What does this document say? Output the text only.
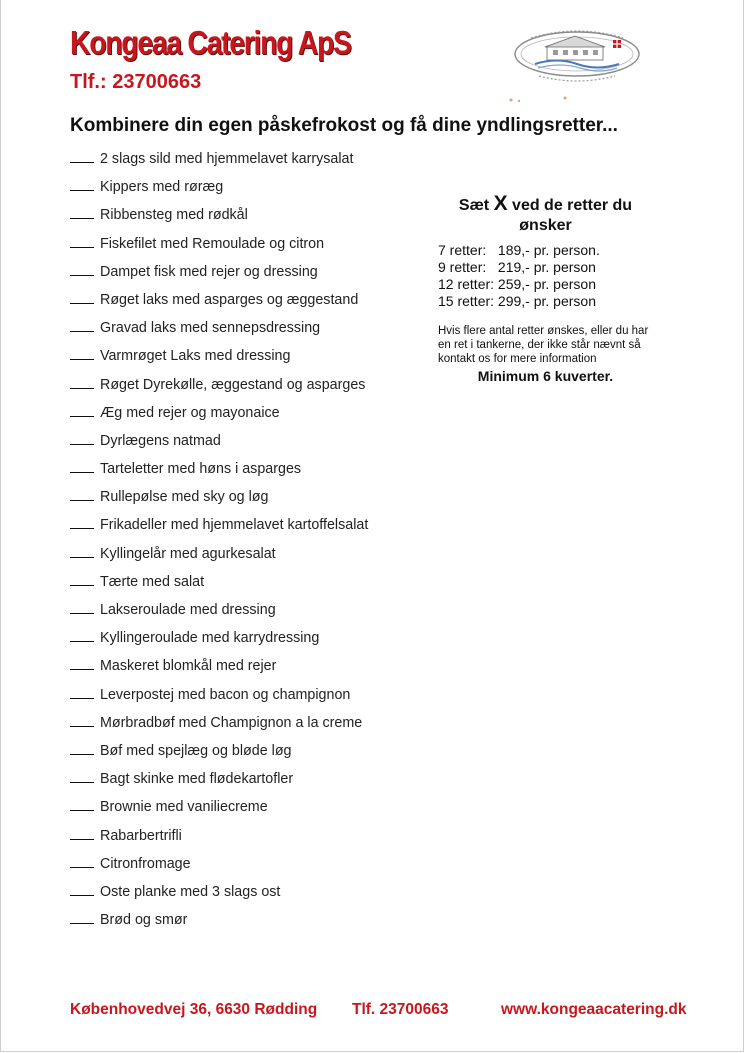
Kongeaa Catering ApS

Tlf.: 23700663

Kombinere din egen påskefrokost og få dine yndlingsretter...
2 slags sild med hjemmelavet karrysalat
Kippers med røræg
Ribbensteg med rødkål
Fiskefilet med Remoulade og citron
Dampet fisk med rejer og dressing
Røget laks med asparges og æggestand
Gravad laks med sennepsdressing
Varmrøget Laks med dressing
Røget Dyrekølle, æggestand og asparges
Æg med rejer og mayonaice
Dyrlægens natmad
Tarteletter med høns i asparges
Rullepølse med sky og løg
Frikadeller med hjemmelavet kartoffelsalat
Kyllingelår med agurkesalat
Tærte med salat
Lakseroulade med dressing
Kyllingeroulade med karrydressing
Maskeret blomkål med rejer
Leverpostej med bacon og champignon
Mørbradbøf med Champignon a la creme
Bøf med spejlæg og bløde løg
Bagt skinke med flødekartofler
Brownie med vaniliecreme
Rabarbertrifli
Citronfromage
Oste planke med 3 slags ost
Brød og smør

Sæt X ved de retter du ønsker

7 retter:   189,- pr. person.
9 retter:   219,- pr. person
12 retter: 259,- pr. person
15 retter: 299,- pr. person
Hvis flere antal retter ønskes, eller du har en ret i tankerne, der ikke står nævnt så kontakt os for mere information
Minimum 6 kuverter.

Københovedvej 36, 6630 Rødding Tlf. 23700663	www.kongeaacatering.dk
